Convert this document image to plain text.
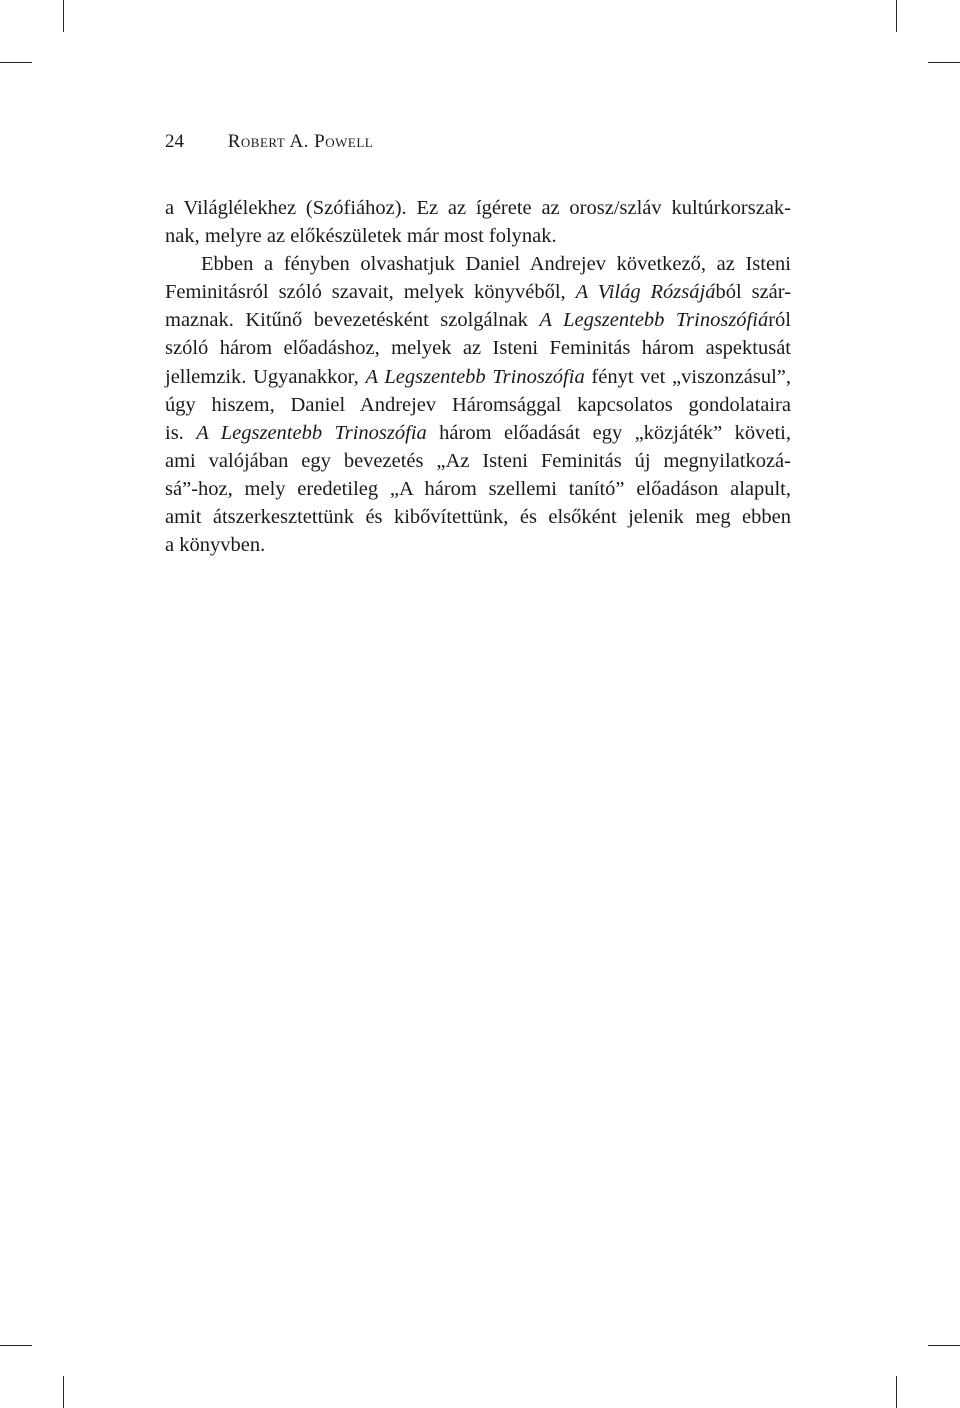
24 Robert A. Powell
a Világlélekhez (Szófiához). Ez az ígérete az orosz/szláv kultúrkorszak-
nak, melyre az előkészületek már most folynak.
Ebben a fényben olvashatjuk Daniel Andrejev következő, az Isteni
Feminitásról szóló szavait, melyek könyvéből, A Világ Rózsájából szár-
maznak. Kitűnő bevezetésként szolgálnak A Legszentebb Trinoszófiáról
szóló három előadáshoz, melyek az Isteni Feminitás három aspektusát
jellemzik. Ugyanakkor, A Legszentebb Trinoszófia fényt vet „viszonzásul”,
úgy hiszem, Daniel Andrejev Háromsággal kapcsolatos gondolataira
is. A Legszentebb Trinoszófia három előadását egy „közjáték” követi,
ami valójában egy bevezetés „Az Isteni Feminitás új megnyilatkozá-
sá”-hoz, mely eredetileg „A három szellemi tanító” előadáson alapult,
amit átszerkesztettünk és kibővítettünk, és elsőként jelenik meg ebben
a könyvben.
